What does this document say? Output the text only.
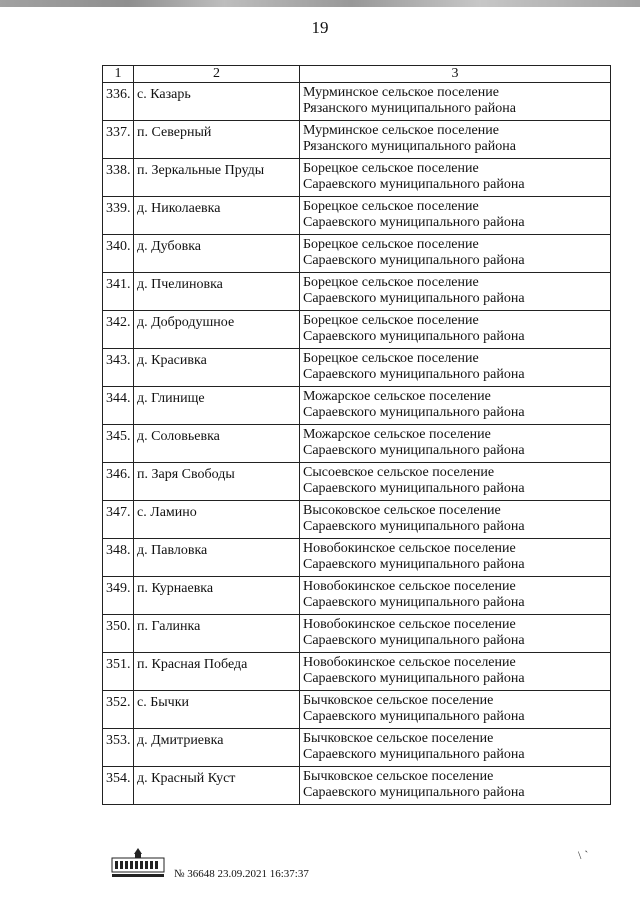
19
1	2	3
336.	с. Казарь	Мурминское сельское поселение
Рязанского муниципального района

337.	п. Северный	Мурминское сельское поселение
Рязанского муниципального района

338.	п. Зеркальные Пруды	Борецкое сельское поселение
Сараевского муниципального района

339.	д. Николаевка	Борецкое сельское поселение
Сараевского муниципального района

340.	д. Дубовка	Борецкое сельское поселение
Сараевского муниципального района

341.	д. Пчелиновка	Борецкое сельское поселение
Сараевского муниципального района

342.	д. Добродушное	Борецкое сельское поселение
Сараевского муниципального района

343.	д. Красивка	Борецкое сельское поселение
Сараевского муниципального района

344.	д. Глинище	Можарское сельское поселение
Сараевского муниципального района

345.	д. Соловьевка	Можарское сельское поселение
Сараевского муниципального района

346.	п. Заря Свободы	Сысоевское сельское поселение
Сараевского муниципального района

347.	с. Ламино	Высоковское сельское поселение
Сараевского муниципального района

348.	д. Павловка	Новобокинское сельское поселение
Сараевского муниципального района

349.	п. Курнаевка	Новобокинское сельское поселение
Сараевского муниципального района

350.	п. Галинка	Новобокинское сельское поселение
Сараевского муниципального района

351.	п. Красная Победа	Новобокинское сельское поселение
Сараевского муниципального района

352.	с. Бычки	Бычковское сельское поселение
Сараевского муниципального района

353.	д. Дмитриевка	Бычковское сельское поселение
Сараевского муниципального района

354.	д. Красный Куст	Бычковское сельское поселение
Сараевского муниципального района
№ 36648 23.09.2021 16:37:37
\ `
